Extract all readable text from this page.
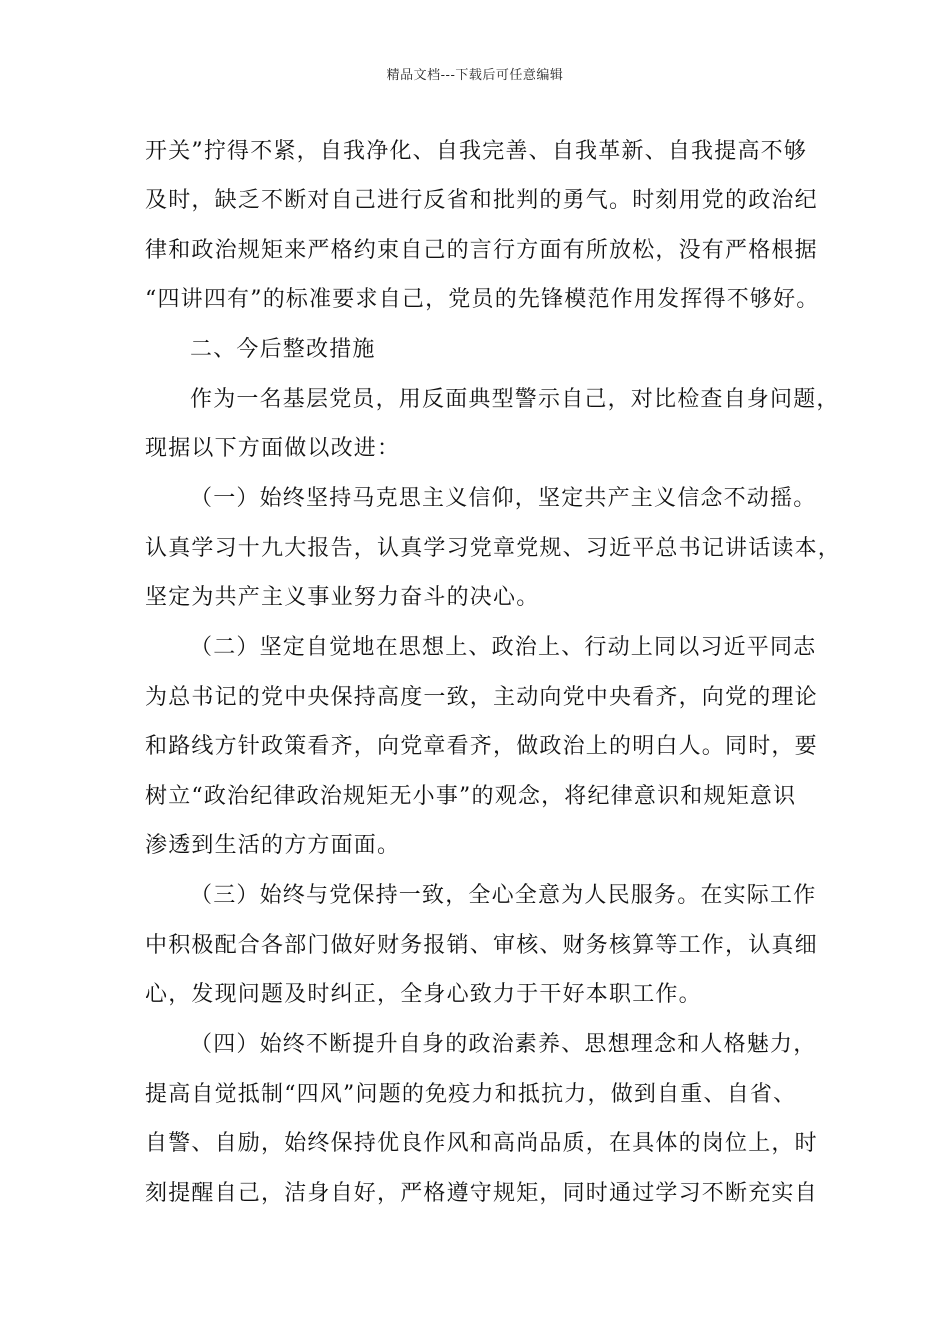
精品文档---下载后可任意编辑
开关”拧得不紧，自我净化、自我完善、自我革新、自我提高不够
及时，缺乏不断对自己进行反省和批判的勇气。时刻用党的政治纪
律和政治规矩来严格约束自己的言行方面有所放松，没有严格根据
“四讲四有”的标准要求自己，党员的先锋模范作用发挥得不够好。
二、今后整改措施
作为一名基层党员，用反面典型警示自己，对比检查自身问题，
现据以下方面做以改进：
（一）始终坚持马克思主义信仰，坚定共产主义信念不动摇。
认真学习十九大报告，认真学习党章党规、习近平总书记讲话读本，
坚定为共产主义事业努力奋斗的决心。
（二）坚定自觉地在思想上、政治上、行动上同以习近平同志
为总书记的党中央保持高度一致，主动向党中央看齐，向党的理论
和路线方针政策看齐，向党章看齐，做政治上的明白人。同时，要
树立“政治纪律政治规矩无小事”的观念，将纪律意识和规矩意识
渗透到生活的方方面面。
（三）始终与党保持一致，全心全意为人民服务。在实际工作
中积极配合各部门做好财务报销、审核、财务核算等工作，认真细
心，发现问题及时纠正，全身心致力于干好本职工作。
（四）始终不断提升自身的政治素养、思想理念和人格魅力，
提高自觉抵制“四风”问题的免疫力和抵抗力，做到自重、自省、
自警、自励，始终保持优良作风和高尚品质，在具体的岗位上，时
刻提醒自己，洁身自好，严格遵守规矩，同时通过学习不断充实自
